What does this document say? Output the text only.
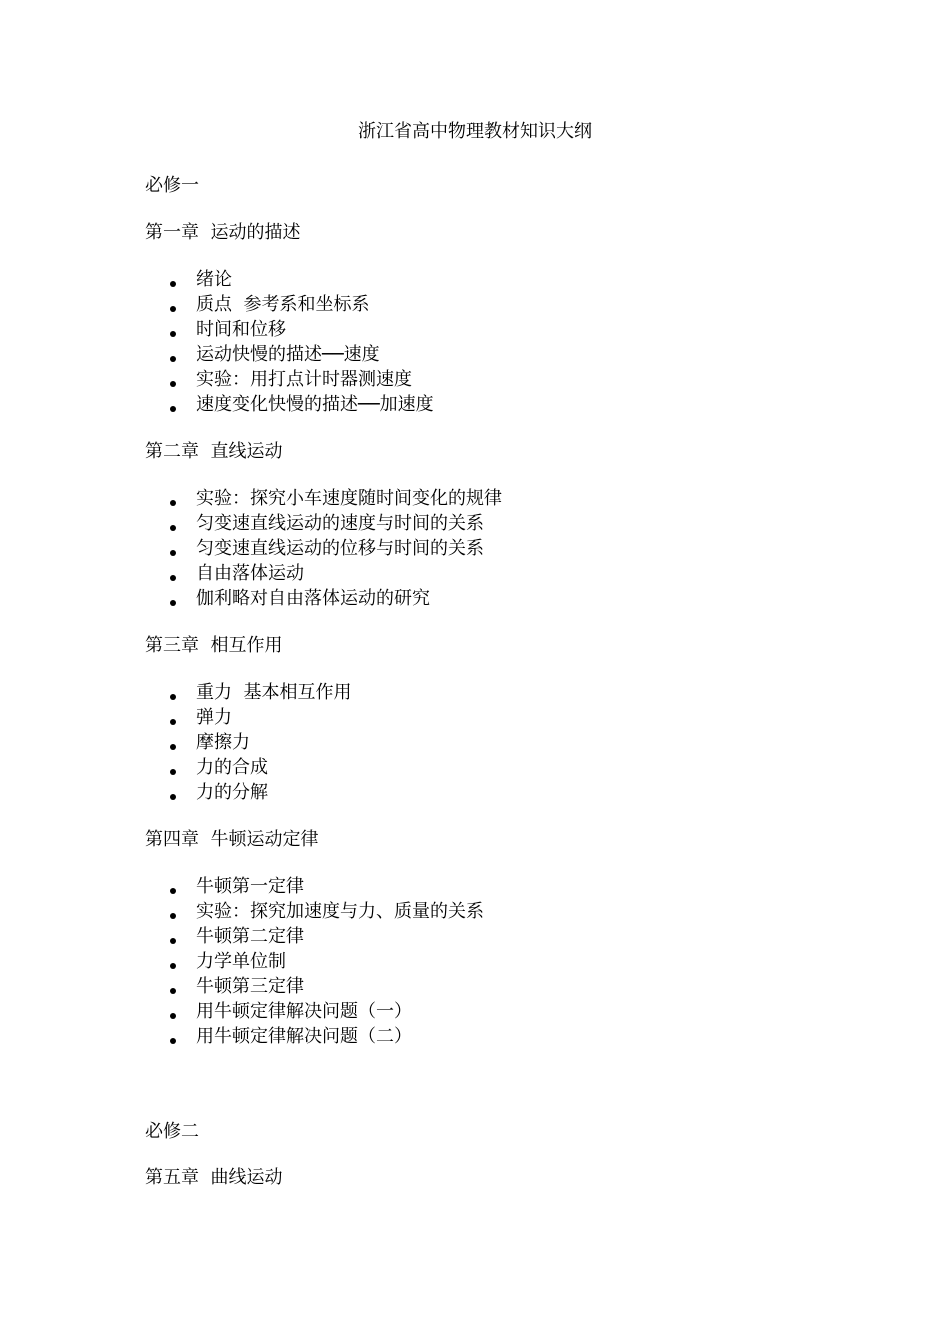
浙江省高中物理教材知识大纲
必修一
第一章  运动的描述
绪论
质点  参考系和坐标系
时间和位移
运动快慢的描述──速度
实验：用打点计时器测速度
速度变化快慢的描述──加速度
第二章  直线运动
实验：探究小车速度随时间变化的规律
匀变速直线运动的速度与时间的关系
匀变速直线运动的位移与时间的关系
自由落体运动
伽利略对自由落体运动的研究
第三章  相互作用
重力  基本相互作用
弹力
摩擦力
力的合成
力的分解
第四章  牛顿运动定律
牛顿第一定律
实验：探究加速度与力、质量的关系
牛顿第二定律
力学单位制
牛顿第三定律
用牛顿定律解决问题（一）
用牛顿定律解决问题（二）
必修二
第五章  曲线运动
